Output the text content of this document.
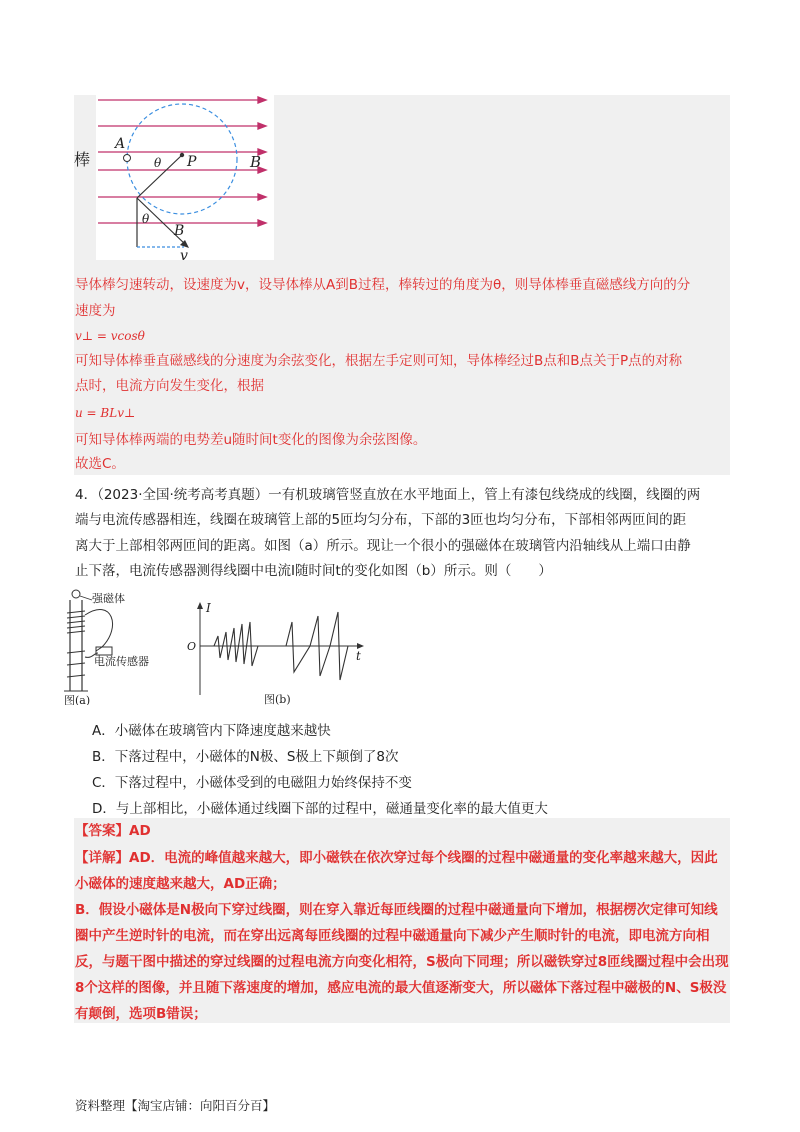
棒
A
θ P	B
θ
B
v
导体棒匀速转动，设速度为v，设导体棒从A到B过程，棒转过的角度为θ，则导体棒垂直磁感线方向的分
速度为
v⊥ = vcosθ
可知导体棒垂直磁感线的分速度为余弦变化，根据左手定则可知，导体棒经过B点和B点关于P点的对称
点时，电流方向发生变化，根据
u = BLv⊥
可知导体棒两端的电势差u随时间t变化的图像为余弦图像。
故选C。
4．（2023·全国·统考高考真题）一有机玻璃管竖直放在水平地面上，管上有漆包线绕成的线圈，线圈的两
端与电流传感器相连，线圈在玻璃管上部的5匝均匀分布，下部的3匝也均匀分布，下部相邻两匝间的距
离大于上部相邻两匝间的距离。如图（a）所示。现让一个很小的强磁体在玻璃管内沿轴线从上端口由静
止下落，电流传感器测得线圈中电流I随时间t的变化如图（b）所示。则（　　）
强磁体
电流传感器
图(a)
I
t
O
图(b)
A．小磁体在玻璃管内下降速度越来越快
B．下落过程中，小磁体的N极、S极上下颠倒了8次
C．下落过程中，小磁体受到的电磁阻力始终保持不变
D．与上部相比，小磁体通过线圈下部的过程中，磁通量变化率的最大值更大
【答案】AD
【详解】AD．电流的峰值越来越大，即小磁铁在依次穿过每个线圈的过程中磁通量的变化率越来越大，因此小磁体的速度越来越大，AD正确；
B．假设小磁体是N极向下穿过线圈，则在穿入靠近每匝线圈的过程中磁通量向下增加，根据楞次定律可知线圈中产生逆时针的电流，而在穿出远离每匝线圈的过程中磁通量向下减少产生顺时针的电流，即电流方向相反，与题干图中描述的穿过线圈的过程电流方向变化相符，S极向下同理；所以磁铁穿过8匝线圈过程中会出现8个这样的图像，并且随下落速度的增加，感应电流的最大值逐渐变大，所以磁体下落过程中磁极的N、S极没有颠倒，选项B错误；
资料整理【淘宝店铺：向阳百分百】
